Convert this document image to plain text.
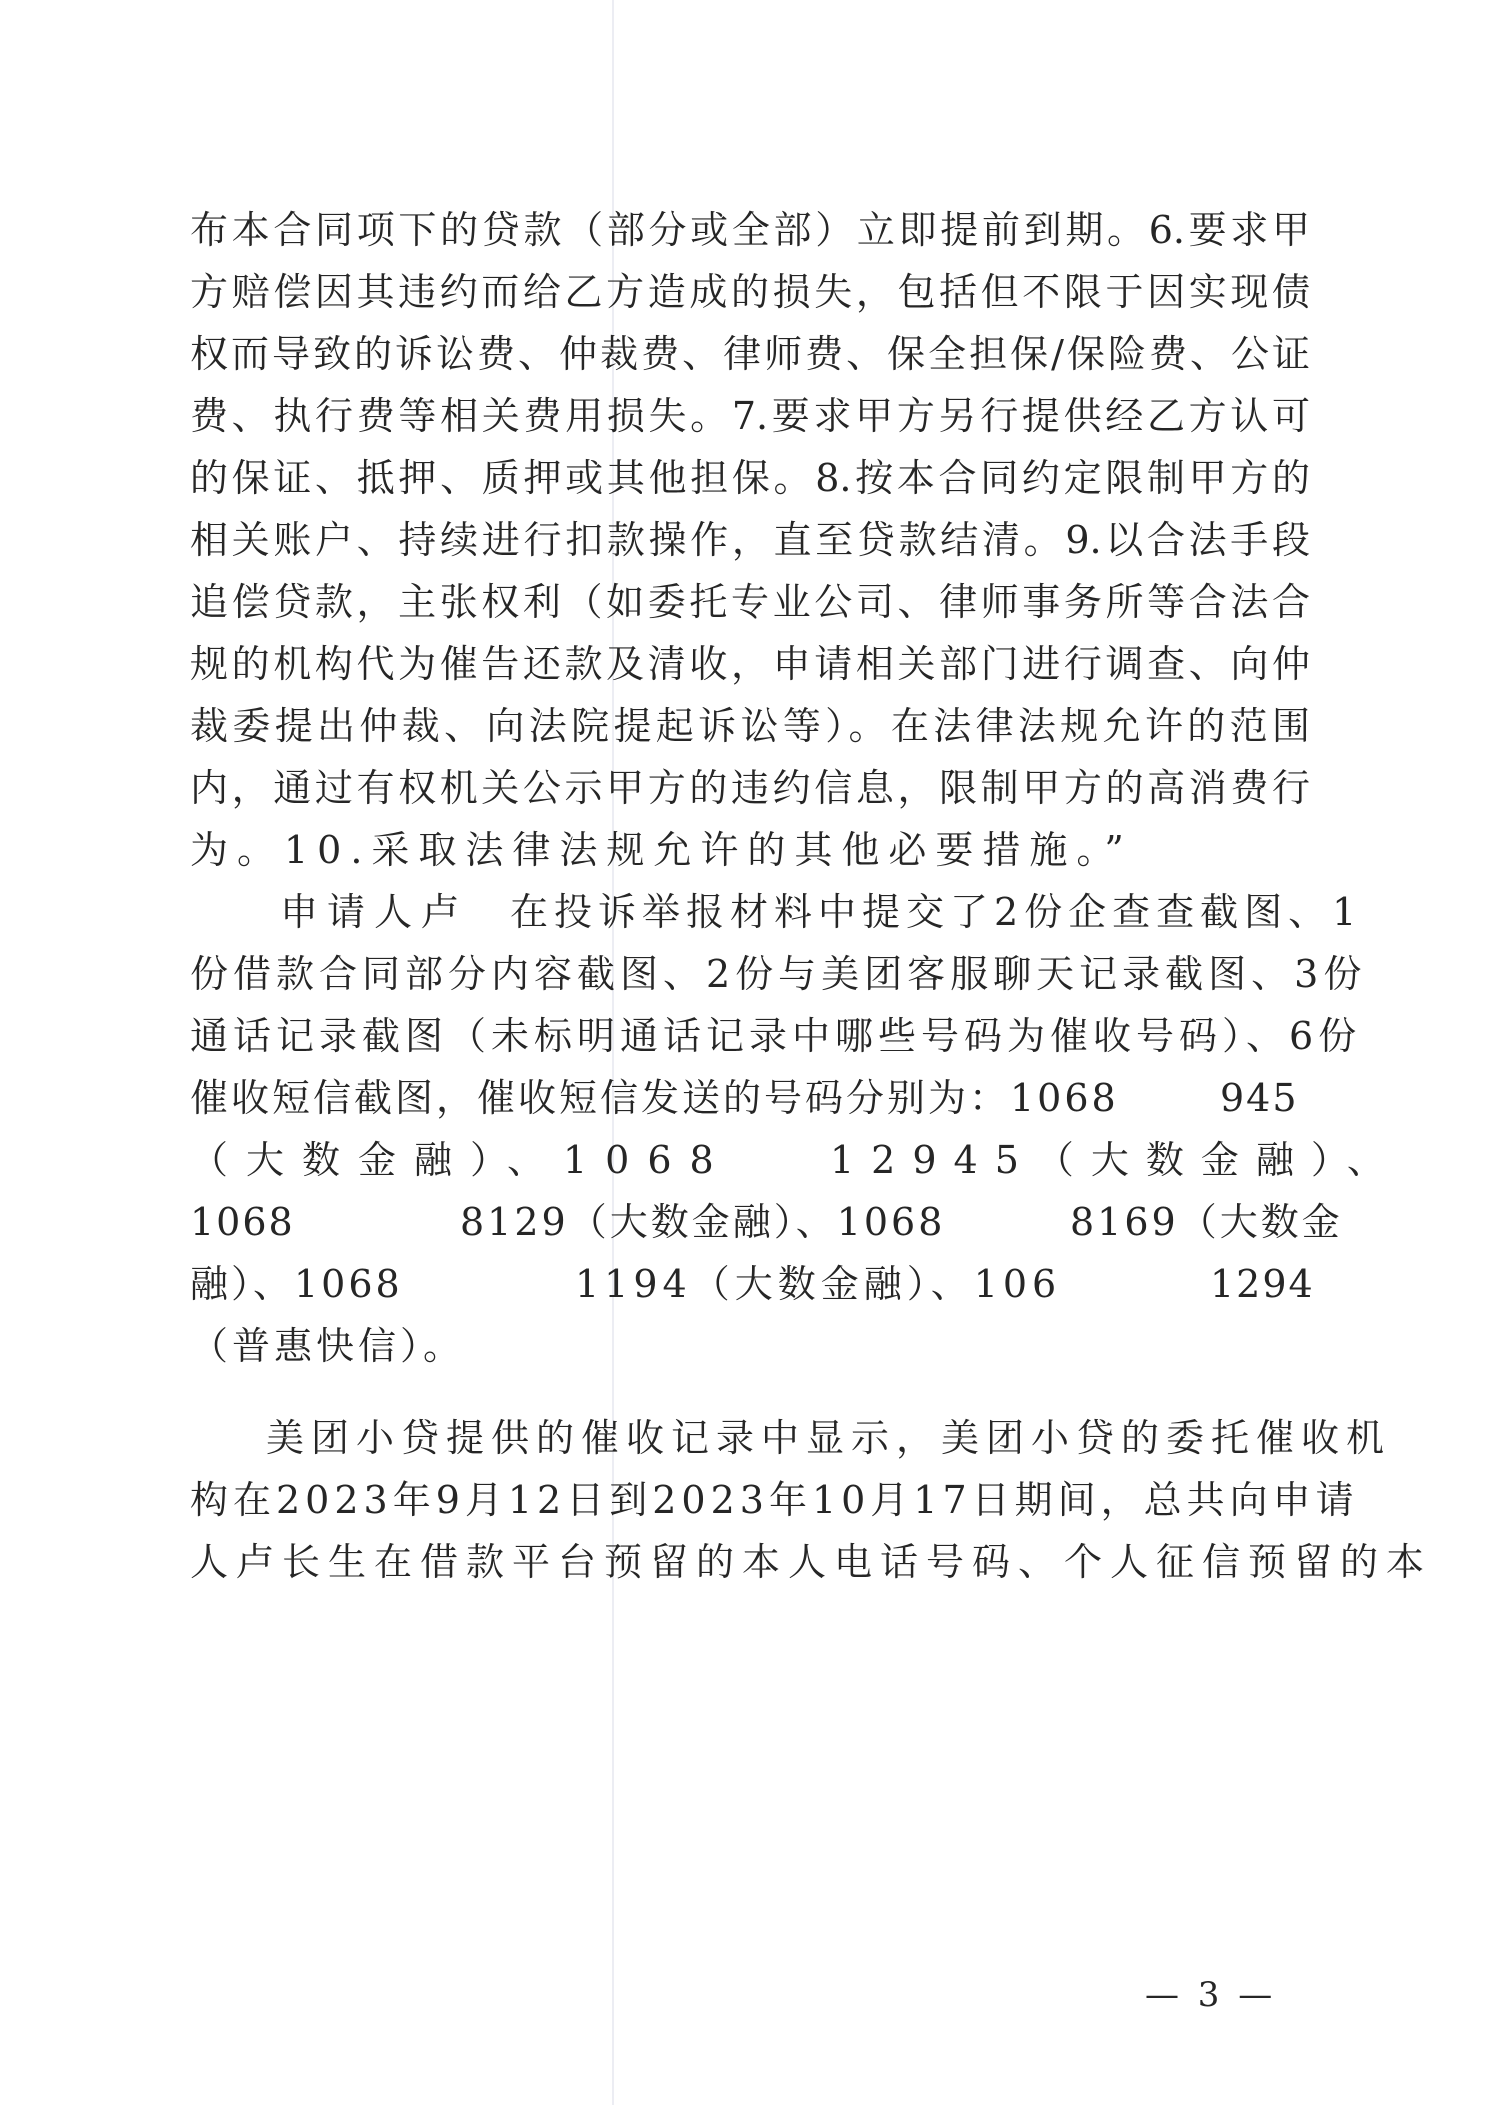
布本合同项下的贷款（部分或全部）立即提前到期。6.要求甲
方赔偿因其违约而给乙方造成的损失，包括但不限于因实现债
权而导致的诉讼费、仲裁费、律师费、保全担保/保险费、公证
费、执行费等相关费用损失。7.要求甲方另行提供经乙方认可
的保证、抵押、质押或其他担保。8.按本合同约定限制甲方的
相关账户、持续进行扣款操作，直至贷款结清。9.以合法手段
追偿贷款，主张权利（如委托专业公司、律师事务所等合法合
规的机构代为催告还款及清收，申请相关部门进行调查、向仲
裁委提出仲裁、向法院提起诉讼等）。在法律法规允许的范围
内，通过有权机关公示甲方的违约信息，限制甲方的高消费行
为。10.采取法律法规允许的其他必要措施。”
申请人卢 在投诉举报材料中提交了2份企查查截图、1
份借款合同部分内容截图、2份与美团客服聊天记录截图、3份
通话记录截图（未标明通话记录中哪些号码为催收号码）、6份
催收短信截图，催收短信发送的号码分别为：1068	945
（大数金融）、1068	12945（大数金融）、
1068	8129（大数金融）、1068	8169（大数金
融）、1068	1194（大数金融）、106	1294
（普惠快信）。
美团小贷提供的催收记录中显示，美团小贷的委托催收机
构在2023年9月12日到2023年10月17日期间，总共向申请
人卢长生在借款平台预留的本人电话号码、个人征信预留的本
— 3 —
